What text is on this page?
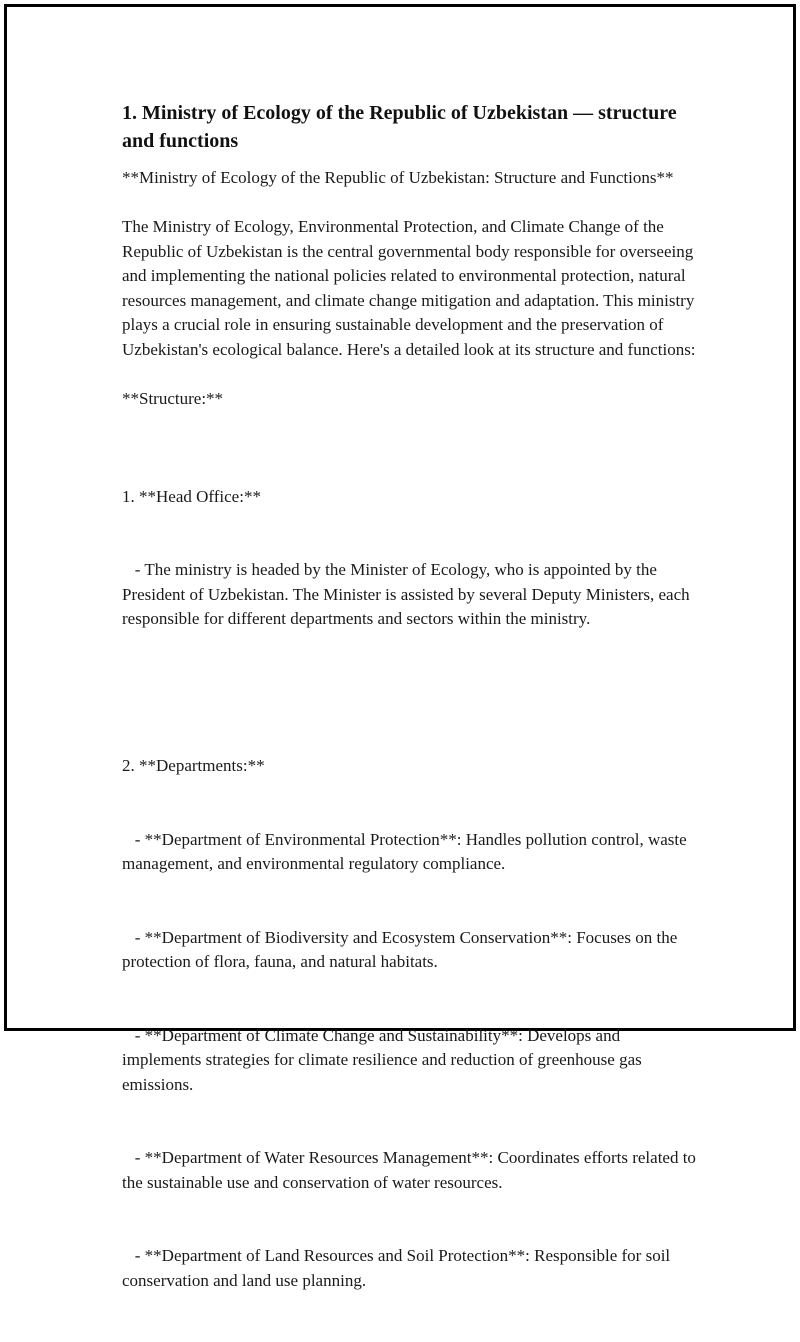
1. Ministry of Ecology of the Republic of Uzbekistan — structure and functions

**Ministry of Ecology of the Republic of Uzbekistan: Structure and Functions**

The Ministry of Ecology, Environmental Protection, and Climate Change of the Republic of Uzbekistan is the central governmental body responsible for overseeing and implementing the national policies related to environmental protection, natural resources management, and climate change mitigation and adaptation. This ministry plays a crucial role in ensuring sustainable development and the preservation of Uzbekistan's ecological balance. Here's a detailed look at its structure and functions:

**Structure:**

1. **Head Office:**

- The ministry is headed by the Minister of Ecology, who is appointed by the President of Uzbekistan. The Minister is assisted by several Deputy Ministers, each responsible for different departments and sectors within the ministry.

2. **Departments:**

- **Department of Environmental Protection**: Handles pollution control, waste management, and environmental regulatory compliance.

- **Department of Biodiversity and Ecosystem Conservation**: Focuses on the protection of flora, fauna, and natural habitats.

- **Department of Climate Change and Sustainability**: Develops and implements strategies for climate resilience and reduction of greenhouse gas emissions.

- **Department of Water Resources Management**: Coordinates efforts related to the sustainable use and conservation of water resources.

- **Department of Land Resources and Soil Protection**: Responsible for soil conservation and land use planning.
